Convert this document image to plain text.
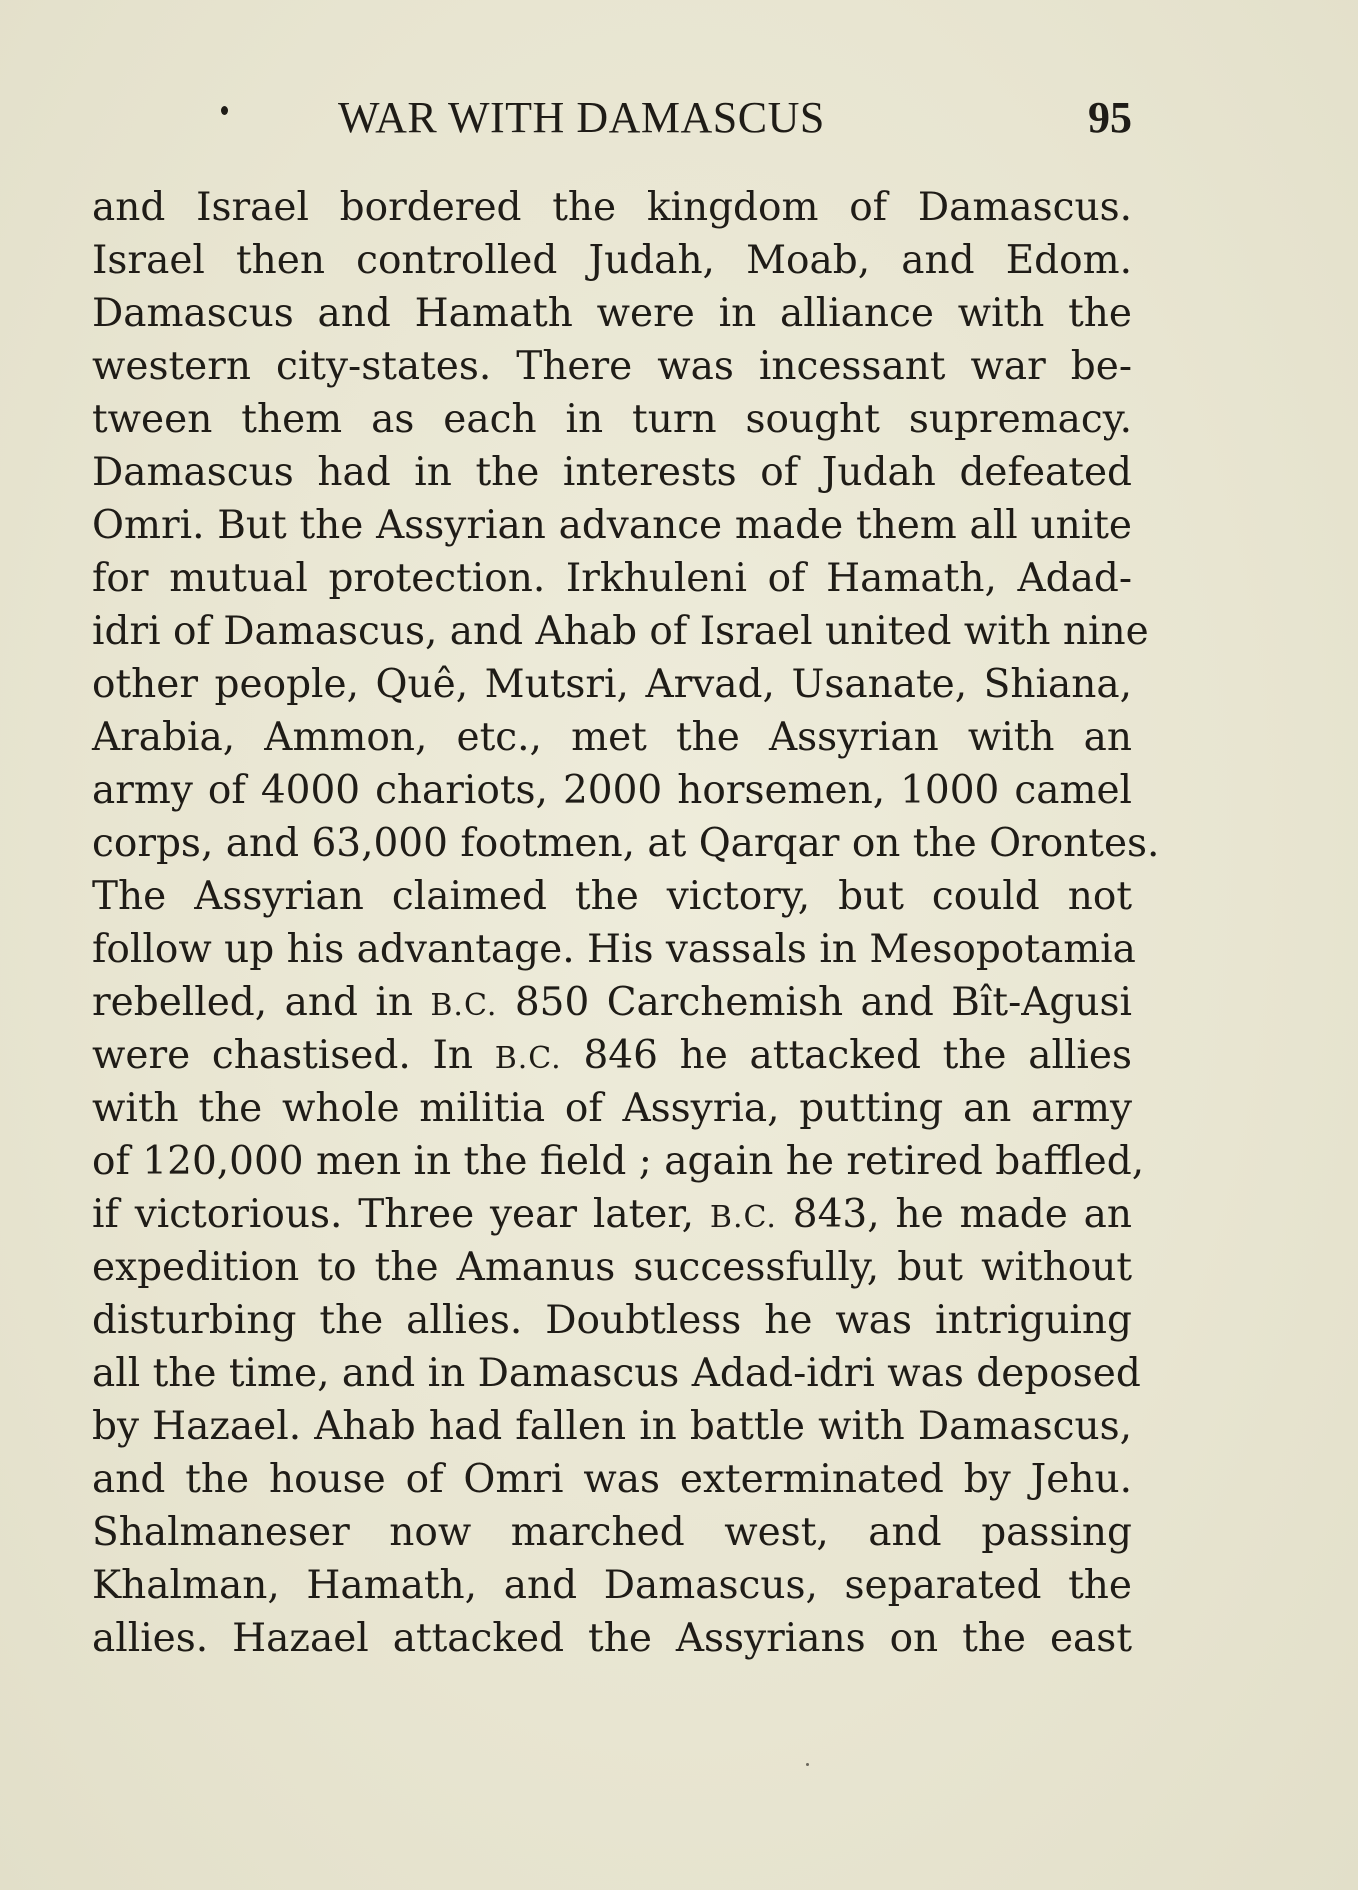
WAR WITH DAMASCUS	95
and Israel bordered the kingdom of Damascus.
Israel then controlled Judah, Moab, and Edom.
Damascus and Hamath were in alliance with the
western city-states. There was incessant war be-
tween them as each in turn sought supremacy.
Damascus had in the interests of Judah defeated
Omri. But the Assyrian advance made them all unite
for mutual protection. Irkhuleni of Hamath, Adad-
idri of Damascus, and Ahab of Israel united with nine
other people, Quê, Mutsri, Arvad, Usanate, Shiana,
Arabia, Ammon, etc., met the Assyrian with an
army of 4000 chariots, 2000 horsemen, 1000 camel
corps, and 63,000 footmen, at Qarqar on the Orontes.
The Assyrian claimed the victory, but could not
follow up his advantage. His vassals in Mesopotamia
rebelled, and in B.C. 850 Carchemish and Bît-Agusi
were chastised. In B.C. 846 he attacked the allies
with the whole militia of Assyria, putting an army
of 120,000 men in the field ; again he retired baffled,
if victorious. Three year later, B.C. 843, he made an
expedition to the Amanus successfully, but without
disturbing the allies. Doubtless he was intriguing
all the time, and in Damascus Adad-idri was deposed
by Hazael. Ahab had fallen in battle with Damascus,
and the house of Omri was exterminated by Jehu.
Shalmaneser now marched west, and passing
Khalman, Hamath, and Damascus, separated the
allies. Hazael attacked the Assyrians on the east
